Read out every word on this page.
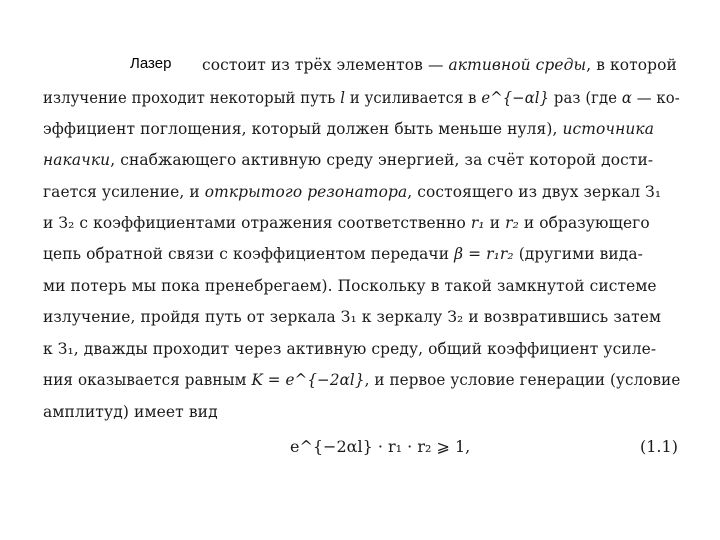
Лазер состоит из трёх элементов — активной среды, в которой
излучение проходит некоторый путь l и усиливается в e^{−αl} раз (где α — ко-
эффициент поглощения, который должен быть меньше нуля), источника
накачки, снабжающего активную среду энергией, за счёт которой дости-
гается усиление, и открытого резонатора, состоящего из двух зеркал З₁
и З₂ с коэффициентами отражения соответственно r₁ и r₂ и образующего
цепь обратной связи с коэффициентом передачи β = r₁r₂ (другими вида-
ми потерь мы пока пренебрегаем). Поскольку в такой замкнутой системе
излучение, пройдя путь от зеркала З₁ к зеркалу З₂ и возвратившись затем
к З₁, дважды проходит через активную среду, общий коэффициент усиле-
ния оказывается равным K = e^{−2αl}, и первое условие генерации (условие
амплитуд) имеет вид
e^{−2αl} · r₁ · r₂ ⩾ 1,	(1.1)
